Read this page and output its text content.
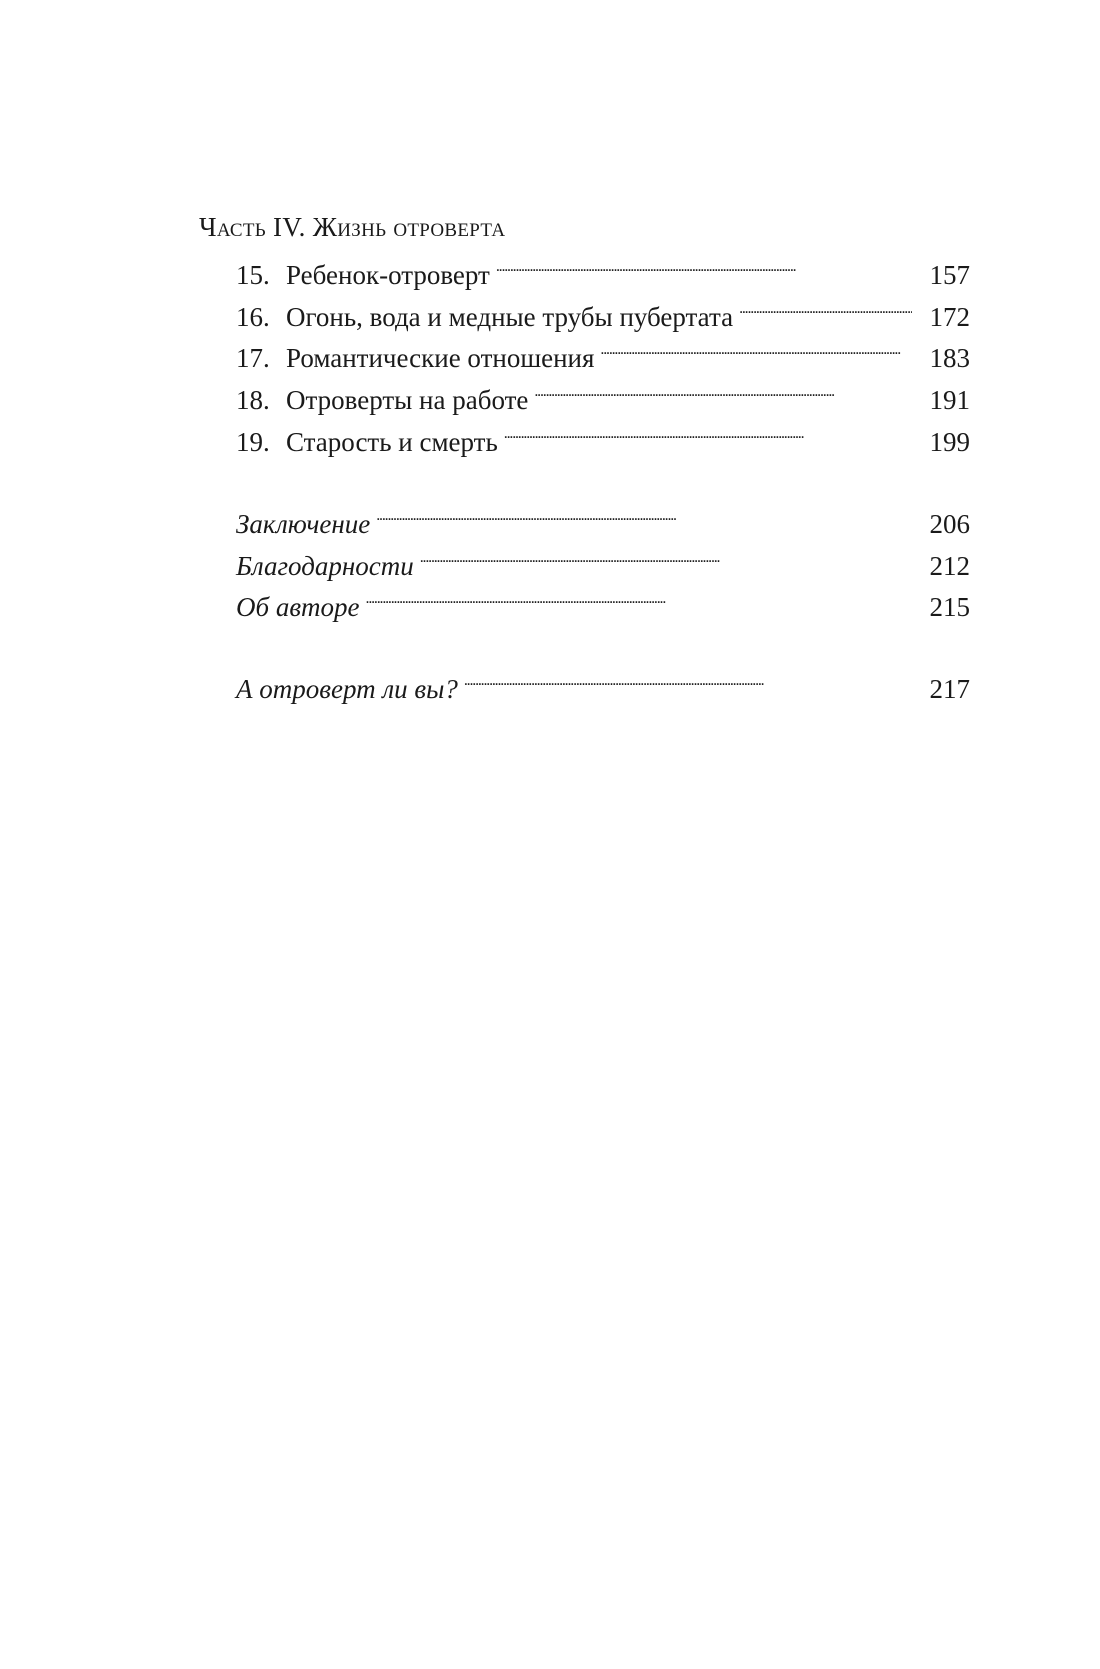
Часть IV. Жизнь отроверта
15. Ребенок-отроверт . . .	157
16. Огонь, вода и медные трубы пубертата . . .	172
17. Романтические отношения . . .	183
18. Отроверты на работе . . .	191
19. Старость и смерть . . .	199
Заключение . . .	206
Благодарности . . .	212
Об авторе . . .	215
А отроверт ли вы? . . .	217
